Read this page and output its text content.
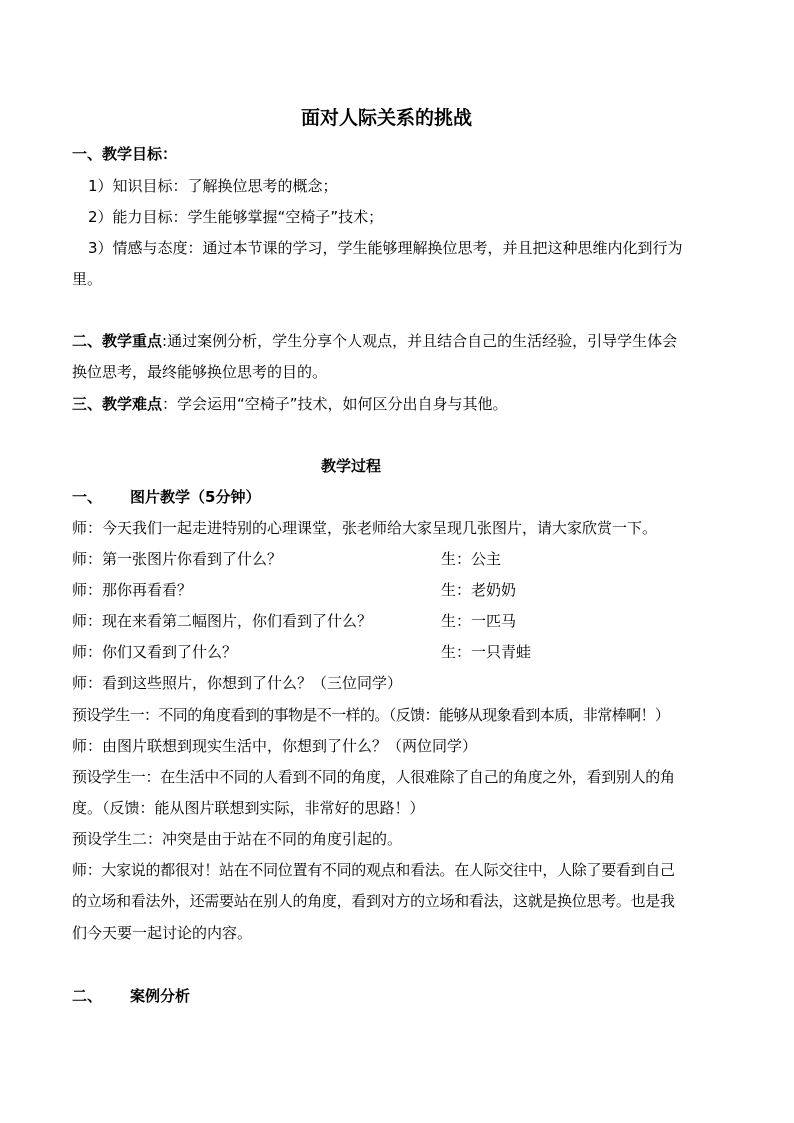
面对人际关系的挑战
一、教学目标：
1）知识目标：了解换位思考的概念；
2）能力目标：学生能够掌握“空椅子”技术；
3）情感与态度：通过本节课的学习，学生能够理解换位思考，并且把这种思维内化到行为
里。
二、教学重点:通过案例分析，学生分享个人观点，并且结合自己的生活经验，引导学生体会
换位思考，最终能够换位思考的目的。
三、教学难点：学会运用“空椅子”技术，如何区分出自身与其他。
教学过程
一、 图片教学（5分钟）
师：今天我们一起走进特别的心理课堂，张老师给大家呈现几张图片，请大家欣赏一下。
师：第一张图片你看到了什么？	生：公主
师：那你再看看？	生：老奶奶
师：现在来看第二幅图片，你们看到了什么？	生：一匹马
师：你们又看到了什么？	生：一只青蛙
师：看到这些照片，你想到了什么？（三位同学）
预设学生一：不同的角度看到的事物是不一样的。（反馈：能够从现象看到本质，非常棒啊！）
师：由图片联想到现实生活中，你想到了什么？（两位同学）
预设学生一：在生活中不同的人看到不同的角度，人很难除了自己的角度之外，看到别人的角
度。（反馈：能从图片联想到实际，非常好的思路！）
预设学生二：冲突是由于站在不同的角度引起的。
师：大家说的都很对！站在不同位置有不同的观点和看法。在人际交往中，人除了要看到自己
的立场和看法外，还需要站在别人的角度，看到对方的立场和看法，这就是换位思考。也是我
们今天要一起讨论的内容。
二、 案例分析
